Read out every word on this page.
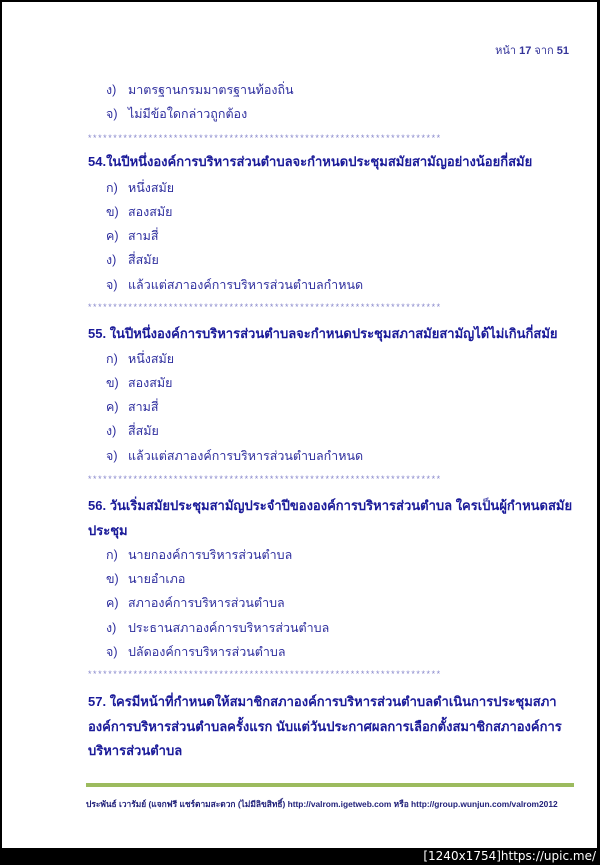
หน้า 17 จาก 51
ง) มาตรฐานกรมมาตรฐานท้องถิ่น
จ) ไม่มีข้อใดกล่าวถูกต้อง
**********************************************************************
54.ในปีหนึ่งองค์การบริหารส่วนตำบลจะกำหนดประชุมสมัยสามัญอย่างน้อยกี่สมัย
ก) หนึ่งสมัย
ข) สองสมัย
ค) สามสี่
ง) สี่สมัย
จ) แล้วแต่สภาองค์การบริหารส่วนตำบลกำหนด
**********************************************************************
55. ในปีหนึ่งองค์การบริหารส่วนตำบลจะกำหนดประชุมสภาสมัยสามัญได้ไม่เกินกี่สมัย
ก) หนึ่งสมัย
ข) สองสมัย
ค) สามสี่
ง) สี่สมัย
จ) แล้วแต่สภาองค์การบริหารส่วนตำบลกำหนด
**********************************************************************
56. วันเริ่มสมัยประชุมสามัญประจำปีขององค์การบริหารส่วนตำบล ใครเป็นผู้กำหนดสมัยประชุม
ก) นายกองค์การบริหารส่วนตำบล
ข) นายอำเภอ
ค) สภาองค์การบริหารส่วนตำบล
ง) ประธานสภาองค์การบริหารส่วนตำบล
จ) ปลัดองค์การบริหารส่วนตำบล
**********************************************************************
57. ใครมีหน้าที่กำหนดให้สมาชิกสภาองค์การบริหารส่วนตำบลดำเนินการประชุมสภาองค์การบริหารส่วนตำบลครั้งแรก นับแต่วันประกาศผลการเลือกตั้งสมาชิกสภาองค์การบริหารส่วนตำบล
ประพันธ์ เวารัมย์ (แจกฟรี แชร์ตามสะดวก (ไม่มีลิขสิทธิ์) http://valrom.igetweb.com หรือ http://group.wunjun.com/valrom2012
[1240x1754]https://upic.me/
